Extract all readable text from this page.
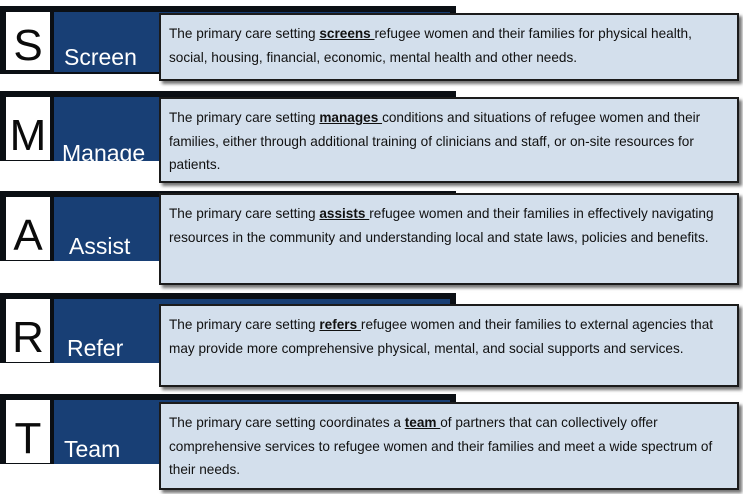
S Screen
The primary care setting screens refugee women and their families for physical health, social, housing, financial, economic, mental health and other needs.
M Manage
The primary care setting manages conditions and situations of refugee women and their families, either through additional training of clinicians and staff, or on-site resources for patients.
A	Assist
The primary care setting assists refugee women and their families in effectively navigating resources in the community and understanding local and state laws, policies and benefits.
R Refer
The primary care setting refers refugee women and their families to external agencies that may provide more comprehensive physical, mental, and social supports and services.
T Team
The primary care setting coordinates a team of partners that can collectively offer comprehensive services to refugee women and their families and meet a wide spectrum of their needs.
